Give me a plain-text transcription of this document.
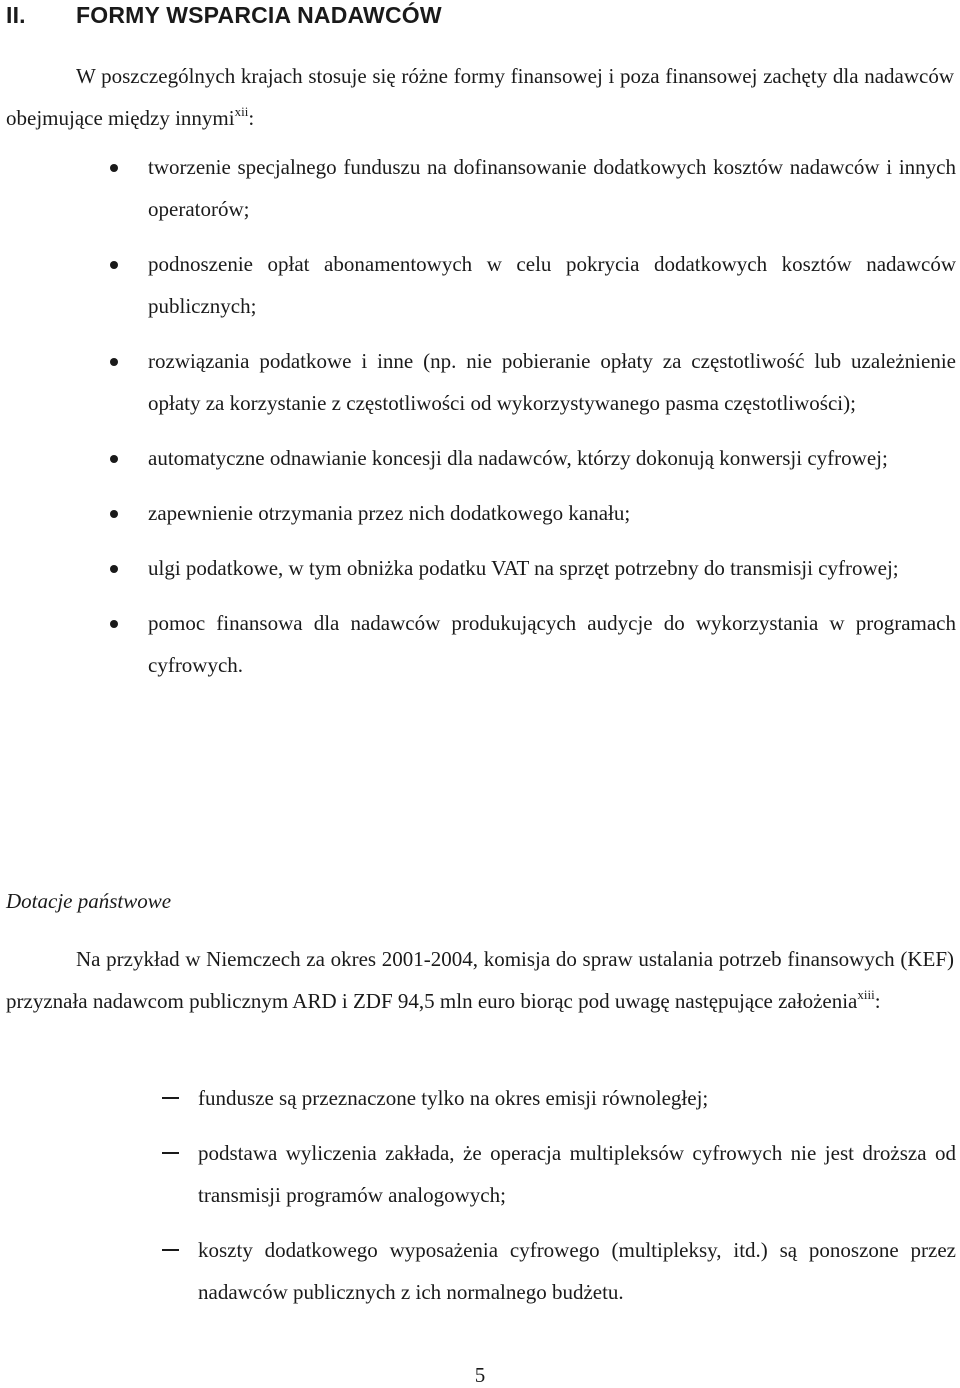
II. FORMY WSPARCIA NADAWCÓW

W poszczególnych krajach stosuje się różne formy finansowej i poza finansowej zachęty dla nadawców obejmujące między innymi$^{xii}$:

tworzenie specjalnego funduszu na dofinansowanie dodatkowych kosztów nadawców i innych operatorów;
podnoszenie opłat abonamentowych w celu pokrycia dodatkowych kosztów nadawców publicznych;
rozwiązania podatkowe i inne (np. nie pobieranie opłaty za częstotliwość lub uzależnienie opłaty za korzystanie z częstotliwości od wykorzystywanego pasma częstotliwości);
automatyczne odnawianie koncesji dla nadawców, którzy dokonują konwersji cyfrowej;
zapewnienie otrzymania przez nich dodatkowego kanału;
ulgi podatkowe, w tym obniżka podatku VAT na sprzęt potrzebny do transmisji cyfrowej;
pomoc finansowa dla nadawców produkujących audycje do wykorzystania w programach cyfrowych.
Dotacje państwowe

Na przykład w Niemczech za okres 2001-2004, komisja do spraw ustalania potrzeb finansowych (KEF) przyznała nadawcom publicznym ARD i ZDF 94,5 mln euro biorąc pod uwagę następujące założenia$^{xiii}$:

fundusze są przeznaczone tylko na okres emisji równoległej;
podstawa wyliczenia zakłada, że operacja multipleksów cyfrowych nie jest droższa od transmisji programów analogowych;
koszty dodatkowego wyposażenia cyfrowego (multipleksy, itd.) są ponoszone przez nadawców publicznych z ich normalnego budżetu.
5
